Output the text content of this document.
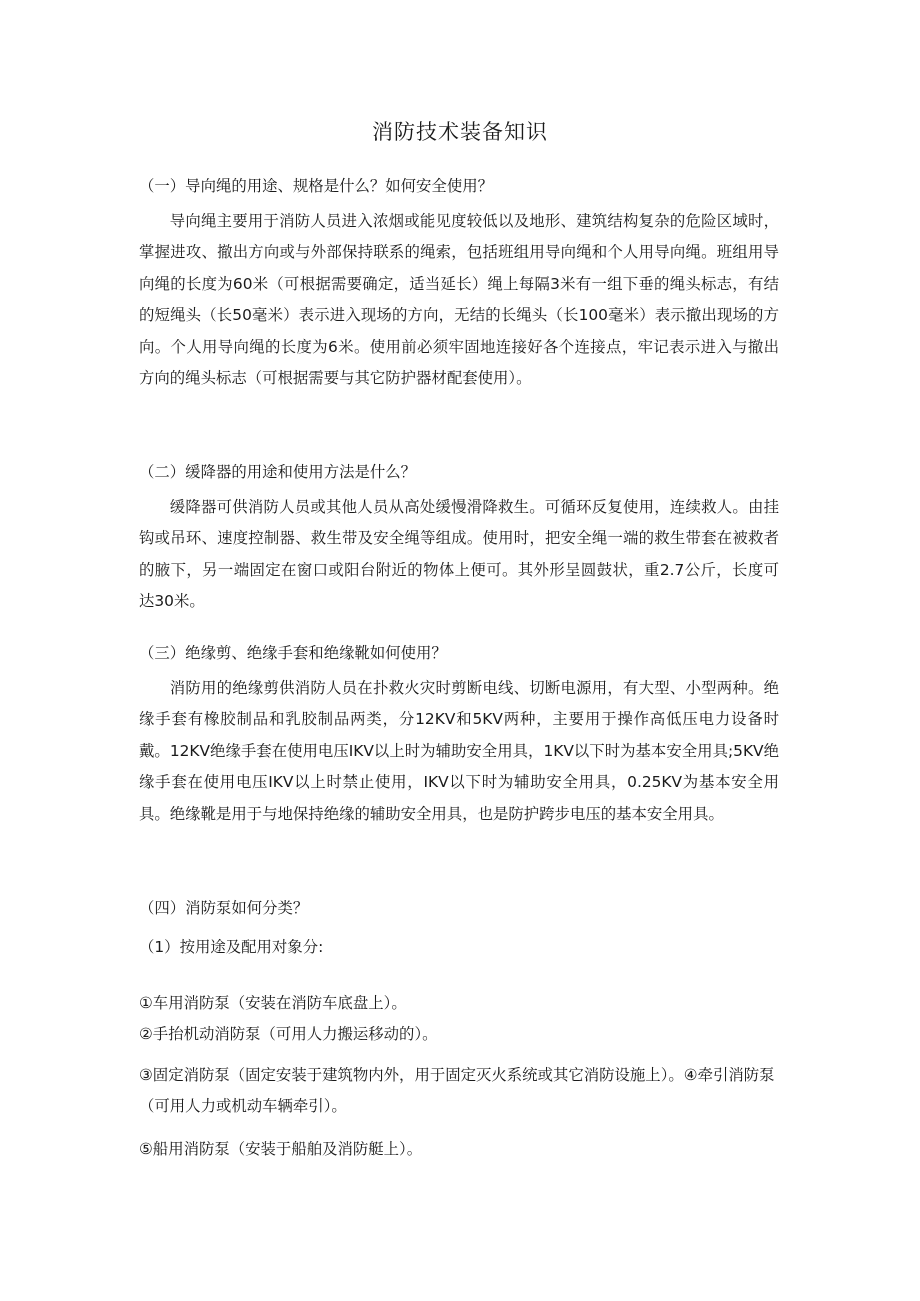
消防技术装备知识

（一）导向绳的用途、规格是什么？如何安全使用？

导向绳主要用于消防人员进入浓烟或能见度较低以及地形、建筑结构复杂的危险区域时，掌握进攻、撤出方向或与外部保持联系的绳索，包括班组用导向绳和个人用导向绳。班组用导向绳的长度为60米（可根据需要确定，适当延长）绳上每隔3米有一组下垂的绳头标志，有结的短绳头（长50毫米）表示进入现场的方向，无结的长绳头（长100毫米）表示撤出现场的方向。个人用导向绳的长度为6米。使用前必须牢固地连接好各个连接点，牢记表示进入与撤出方向的绳头标志（可根据需要与其它防护器材配套使用）。

（二）缓降器的用途和使用方法是什么？

缓降器可供消防人员或其他人员从高处缓慢滑降救生。可循环反复使用，连续救人。由挂钩或吊环、速度控制器、救生带及安全绳等组成。使用时，把安全绳一端的救生带套在被救者的腋下，另一端固定在窗口或阳台附近的物体上便可。其外形呈圆鼓状，重2.7公斤，长度可达30米。

（三）绝缘剪、绝缘手套和绝缘靴如何使用？

消防用的绝缘剪供消防人员在扑救火灾时剪断电线、切断电源用，有大型、小型两种。绝缘手套有橡胶制品和乳胶制品两类，分12KV和5KV两种，主要用于操作高低压电力设备时戴。12KV绝缘手套在使用电压IKV以上时为辅助安全用具，1KV以下时为基本安全用具;5KV绝缘手套在使用电压IKV以上时禁止使用，IKV以下时为辅助安全用具，0.25KV为基本安全用具。绝缘靴是用于与地保持绝缘的辅助安全用具，也是防护跨步电压的基本安全用具。

（四）消防泵如何分类？

（1）按用途及配用对象分:

①车用消防泵（安装在消防车底盘上）。

②手抬机动消防泵（可用人力搬运移动的）。

③固定消防泵（固定安装于建筑物内外，用于固定灭火系统或其它消防设施上）。④牵引消防泵（可用人力或机动车辆牵引）。

⑤船用消防泵（安装于船舶及消防艇上）。
